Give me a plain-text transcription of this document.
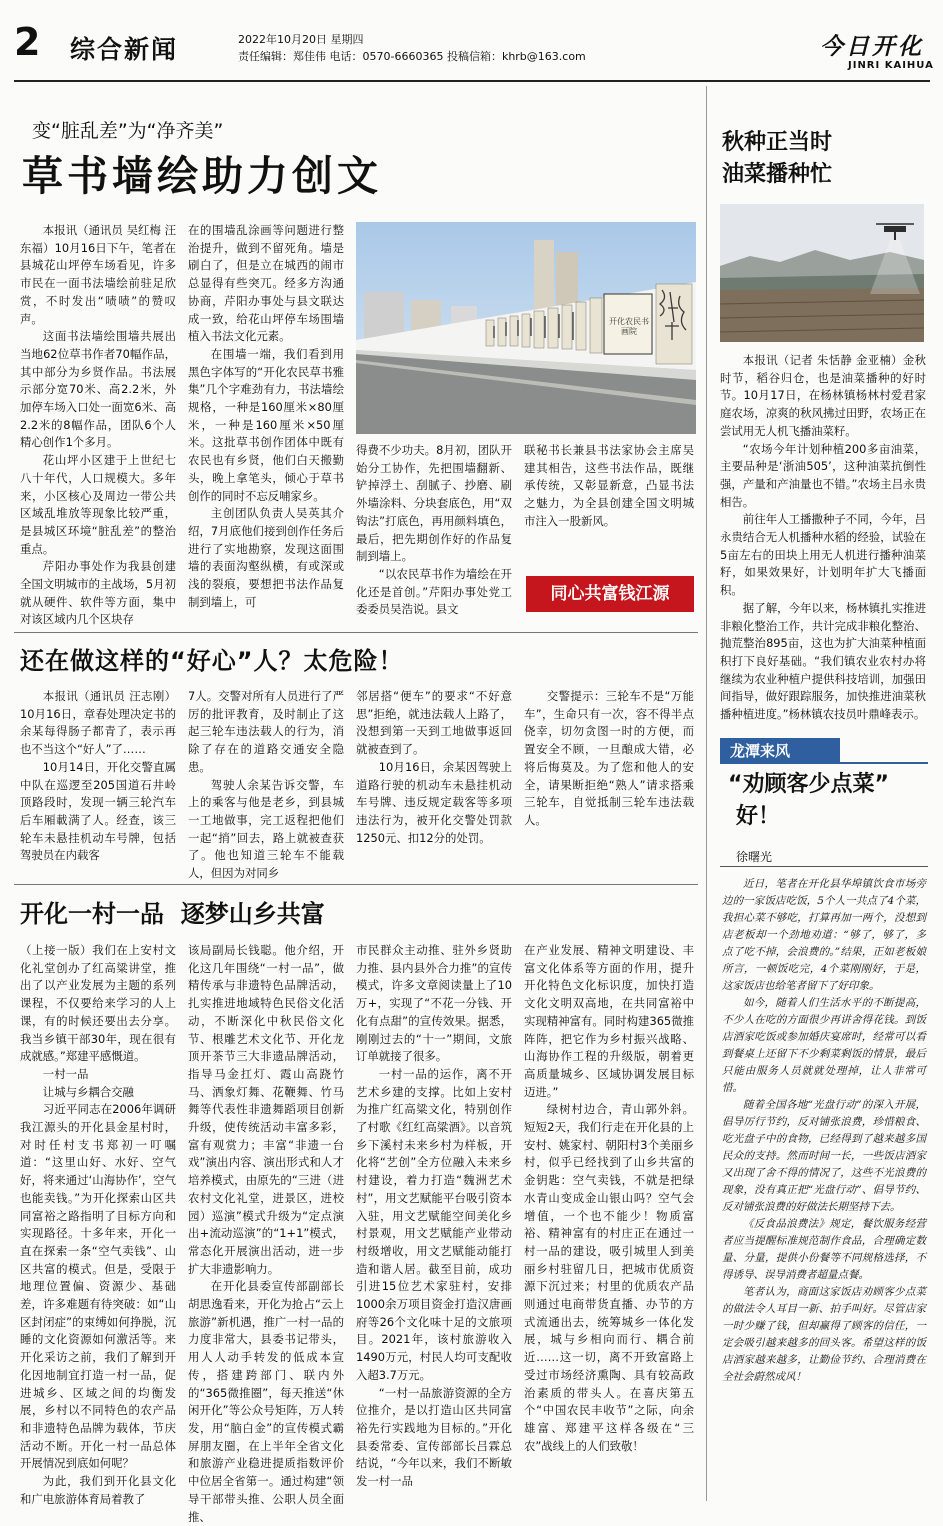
2 综合新闻	2022年10月20日 星期四
责任编辑：郑佳伟 电话：0570-6660365 投稿信箱：khrb@163.com	今日开化
JINRI KAIHUA
变“脏乱差”为“净齐美”
草书墙绘助力创文

本报讯（通讯员 吴红梅 汪东福）10月16日下午，笔者在县城花山坪停车场看见，许多市民在一面书法墙绘前驻足欣赏，不时发出“啧啧”的赞叹声。

这面书法墙绘围墙共展出当地62位草书作者70幅作品，其中部分为乡贤作品。书法展示部分宽70米、高2.2米，外加停车场入口处一面宽6米、高2.2米的8幅作品，团队6个人精心创作1个多月。

花山坪小区建于上世纪七八十年代，人口规模大。多年来，小区核心及周边一带公共区域乱堆放等现象比较严重，是县城区环境“脏乱差”的整治重点。

芹阳办事处作为我县创建全国文明城市的主战场，5月初就从硬件、软件等方面，集中对该区域内几个区块存

在的围墙乱涂画等问题进行整治提升，做到不留死角。墙是刷白了，但是立在城西的闹市总显得有些突兀。经多方沟通协商，芹阳办事处与县文联达成一致，给花山坪停车场围墙植入书法文化元素。

在围墙一端，我们看到用黑色字体写的“开化农民草书雅集”几个字难劲有力，书法墙绘规格，一种是160厘米×80厘米，一种是160厘米×50厘米。这批草书创作团体中既有农民也有乡贤，他们白天搬勤头，晚上拿笔头，倾心于草书创作的同时不忘反哺家乡。

主创团队负责人吴英其介绍，7月底他们接到创作任务后进行了实地勘察，发现这面围墙的表面沟壑纵横，有或深或浅的裂痕，要想把书法作品复制到墙上，可

开化农民书画院

得费不少功夫。8月初，团队开始分工协作，先把围墙翻新、铲掉浮土、刮腻子、抄磨、刷外墙涂料、分块套底色，用“双钩法”打底色，再用颜料填色，最后，把先期创作好的作品复制到墙上。

“以农民草书作为墙绘在开化还是首创。”芹阳办事处党工委委员吴浩说。县文

联秘书长兼县书法家协会主席吴建其相告，这些书法作品，既继承传统，又彰显新意，凸显书法之魅力，为全县创建全国文明城市注入一股新风。

同心共富钱江源
还在做这样的“好心”人？太危险！

本报讯（通讯员 汪志刚）10月16日，章春处理决定书的余某每得肠子都青了，表示再也不当这个“好人”了……

10月14日，开化交警直属中队在巡逻至205国道石井岭顶路段时，发现一辆三轮汽车后车厢載满了人。经查，该三轮车未悬挂机动车号牌，包括驾驶员在内载客

7人。交警对所有人员进行了严厉的批评教育，及时制止了这起三轮车违法载人的行为，消除了存在的道路交通安全隐患。

驾驶人余某告诉交警，车上的乘客与他是老乡，到县城一工地做事，完工返程把他们一起“捎”回去，路上就被查获了。他也知道三轮车不能载人，但因为对同乡

邻居搭“便车”的要求“不好意思”拒绝，就违法载人上路了，没想到第一天到工地做事返回就被查到了。

10月16日，余某因驾驶上道路行驶的机动车未悬挂机动车号牌、违反规定载客等多项违法行为，被开化交警处罚款1250元、扣12分的处罚。

交警提示：三轮车不是“万能车”，生命只有一次，容不得半点侥幸，切勿贪图一时的方便，而置安全不顾，一旦酿成大错，必将后悔莫及。为了您和他人的安全，请果断拒绝“熟人”请求搭乘三轮车，自觉抵制三轮车违法载人。

开化一村一品  逐梦山乡共富

（上接一版）我们在上安村文化礼堂创办了红高粱讲堂，推出了以产业发展为主题的系列课程，不仅要给来学习的人上课，有的时候还要出去分享。我当乡镇干部30年，现在很有成就感。”郑建平感慨道。

一村一品

让城与乡耦合交融

习近平同志在2006年调研我江源头的开化县金星村时，对时任村支书郑初一叮嘱道：“这里山好、水好、空气好，将来通过‘山海协作’，空气也能卖钱。”为开化探索山区共同富裕之路指明了目标方向和实现路径。十多年来，开化一直在探索一条“空气卖钱”、山区共富的模式。但是，受限于地理位置偏、资源少、基础差，许多难题有待突破：如“山区封闭症”的束缚如何挣脱，沉睡的文化资源如何激活等。来开化采访之前，我们了解到开化因地制宜打造一村一品，促进城乡、区域之间的均衡发展，乡村以不同特色的农产品和非遗特色品牌为载体，节庆活动不断。开化一村一品总体开展情况到底如何呢？

为此，我们到开化县文化和广电旅游体育局着教了

该局副局长钱聪。他介绍，开化这几年围绕“一村一品”，做精传承与非遗特色品牌活动，扎实推进地域特色民俗文化活动，不断深化中秋民俗文化节、根雕艺术文化节、开化龙顶开茶节三大非遗品牌活动，指导马金扛灯、霞山高跷竹马、洒象灯舞、花鞭舞、竹马舞等代表性非遗舞蹈项目创新升级，使传统活动丰富多彩，富有观赏力；丰富“非遗一台戏”演出内容、演出形式和人才培养模式，由原先的“三进（进农村文化礼堂，进景区，进校园）巡演”模式升级为“定点演出+流动巡演”的“1+1”模式，常态化开展演出活动，进一步扩大非遗影响力。

在开化县委宣传部副部长胡思逸看来，开化为抢占“云上旅游”新机遇，推广一村一品的力度非常大，县委书记带头，用人人动手转发的低成本宣传，搭建跨部门、联内外的“365微推圈”，每天推送“休闲开化”等公众号矩阵，万人转发，用“脑白金”的宣传模式霸屏朋友圈，在上半年全省文化和旅游产业稳进提质指数评价中位居全省第一。通过构建“领导干部带头推、公职人员全面推、

市民群众主动推、驻外乡贤助力推、县内县外合力推”的宣传模式，许多文章阅读量上了10万+，实现了“不花一分钱、开化有点甜”的宣传效果。据悉，刚刚过去的“十一”期间，文旅订单就接了很多。

一村一品的运作，离不开艺术乡建的支撑。比如上安村为推广红高粱文化，特别创作了村歌《红红高粱酒》。以音筑乡下溪村未来乡村为样板，开化将“艺创”全方位融入未来乡村建设，着力打造“魏洲艺术村”，用文艺赋能平台吸引资本入驻，用文艺赋能空间美化乡村景观，用文艺赋能产业带动村级增收，用文艺赋能动能打造和谐人居。截至目前，成功引进15位艺术家驻村，安排1000余万项目资金打造汉唐画府等26个文化味十足的文旅项目。2021年，该村旅游收入1490万元，村民人均可支配收入超3.7万元。

“一村一品旅游资源的全方位推介，是以打造山区共同富裕先行实践地为目标的。”开化县委常委、宣传部部长吕霖总结说，“今年以来，我们不断敏发一村一品

在产业发展、精神文明建设、丰富文化体系等方面的作用，提升开化特色文化标识度，加快打造文化文明双高地，在共同富裕中实现精神富有。同时构建365微推阵阵，把它作为乡村振兴战略、山海协作工程的升级版，朝着更高质量城乡、区域协调发展目标迈进。”

绿树村边合，青山郭外斜。短短2天，我们行走在开化县的上安村、姚家村、朝阳村3个美丽乡村，似乎已经找到了山乡共富的金钥匙：空气卖钱，不就是把绿水青山变成金山银山吗？空气会增值，一个也不能少！物质富裕、精神富有的村庄正在通过一村一品的建设，吸引城里人到美丽乡村驻留几日，把城市优质资源下沉过来；村里的优质农产品则通过电商带货直播、办节的方式流通出去，统筹城乡一体化发展，城与乡相向而行、耦合前近……这一切，离不开致富路上受过市场经济熏陶、具有较高政治素质的带头人。在喜庆第五个“中国农民丰收节”之际，向余雄富、郑建平这样各级在“三农”战线上的人们致敬！

秋种正当时
油菜播种忙

本报讯（记者 朱恬静 金亚楠）金秋时节，稻谷归仓，也是油菜播种的好时节。10月17日，在杨林镇杨林村爱君家庭农场，凉爽的秋风拂过田野，农场正在尝试用无人机飞播油菜籽。

“农场今年计划种植200多亩油菜，主要品种是‘浙油505’，这种油菜抗倒性强，产量和产油量也不错。”农场主吕永贵相告。

前往年人工播撒种子不同，今年，吕永贵结合无人机播种水稻的经验，试验在5亩左右的田块上用无人机进行播种油菜籽，如果效果好，计划明年扩大飞播面积。

据了解，今年以来，杨林镇扎实推进非粮化整治工作，共计完成非粮化整治、抛荒整治895亩，这也为扩大油菜种植面积打下良好基础。“我们镇农业农村办将继续为农业种植户提供科技培训，加强田间指导，做好跟踪服务，加快推进油菜秋播种植进度。”杨林镇农技员叶鼎峰表示。

龙潭来风
“劝顾客少点菜”
好！
徐曙光

近日，笔者在开化县华埠镇饮食市场旁边的一家饭店吃饭，5个人一共点了4个菜，我担心菜不够吃，打算再加一两个，没想到店老板却一个劲地劝道：“够了，够了，多点了吃不掉，会浪费的。”结果，正如老板娘所言，一顿饭吃完，4个菜刚刚好，于是，这家饭店也给笔者留下了好印象。

如今，随着人们生活水平的不断提高，不少人在吃的方面很少再讲舍得花钱。到饭店酒家吃饭或参加婚庆宴席时，经常可以看到餐桌上还留下不少剩菜剩饭的情景，最后只能由服务人员就就处理掉，让人非常可惜。

随着全国各地“光盘行动”的深入开展，倡导厉行节约，反对铺张浪费，珍惜粮食、吃光盘子中的食物，已经得到了越来越多国民众的支持。然而时间一长，一些饭店酒家又出现了舍不得的情况了，这些不光浪费的现象，没有真正把“光盘行动”、倡导节约、反对铺张浪费的好做法长期坚持下去。

《反食品浪费法》规定，餐饮服务经营者应当提醒标准规范制作食品，合理确定数量、分量，提供小份餐等不同规格选择，不得诱导、误导消费者超量点餐。

笔者认为，商面这家饭店劝顾客少点菜的做法令人耳目一新、拍手叫好。尽管店家一时少赚了钱，但却赢得了顾客的信任，一定会吸引越来越多的回头客。希望这样的饭店酒家越来越多，让勤俭节约、合理消费在全社会蔚然成风！
